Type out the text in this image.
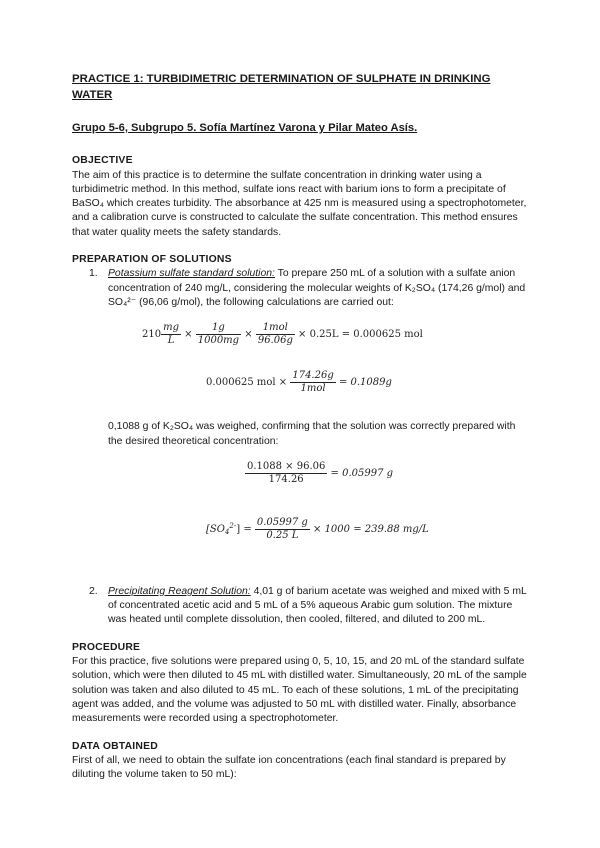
PRACTICE 1: TURBIDIMETRIC DETERMINATION OF SULPHATE IN DRINKING WATER

Grupo 5-6, Subgrupo 5. Sofía Martínez Varona y Pilar Mateo Asís.

OBJECTIVE

The aim of this practice is to determine the sulfate concentration in drinking water using a turbidimetric method. In this method, sulfate ions react with barium ions to form a precipitate of BaSO₄ which creates turbidity. The absorbance at 425 nm is measured using a spectrophotometer, and a calibration curve is constructed to calculate the sulfate concentration. This method ensures that water quality meets the safety standards.

PREPARATION OF SOLUTIONS

1. Potassium sulfate standard solution: To prepare 250 mL of a solution with a sulfate anion concentration of 240 mg/L, considering the molecular weights of K₂SO₄ (174,26 g/mol) and SO₄²⁻ (96,06 g/mol), the following calculations are carried out:

$210 \frac{mg}{L} \times \frac{1g}{1000mg} \times \frac{\text{1mol}}{96.06g} \times 0.25L = 0.000625$ mol
0.000625 mol × $\frac{174.26g}{\text{1mol}} = 0.1089g$

0,1088 g of K₂SO₄ was weighed, confirming that the solution was correctly prepared with the desired theoretical concentration:

$\frac{0.1088 \times 96.06}{174.26} = 0.05997$ g
$[SO_4^{2-}] = \frac{0.05997 g}{0.25 L} \times 1000 = 239.88$ mg/L
2. Precipitating Reagent Solution: 4,01 g of barium acetate was weighed and mixed with 5 mL of concentrated acetic acid and 5 mL of a 5% aqueous Arabic gum solution. The mixture was heated until complete dissolution, then cooled, filtered, and diluted to 200 mL.

PROCEDURE

For this practice, five solutions were prepared using 0, 5, 10, 15, and 20 mL of the standard sulfate solution, which were then diluted to 45 mL with distilled water. Simultaneously, 20 mL of the sample solution was taken and also diluted to 45 mL. To each of these solutions, 1 mL of the precipitating agent was added, and the volume was adjusted to 50 mL with distilled water. Finally, absorbance measurements were recorded using a spectrophotometer.

DATA OBTAINED

First of all, we need to obtain the sulfate ion concentrations (each final standard is prepared by diluting the volume taken to 50 mL):
